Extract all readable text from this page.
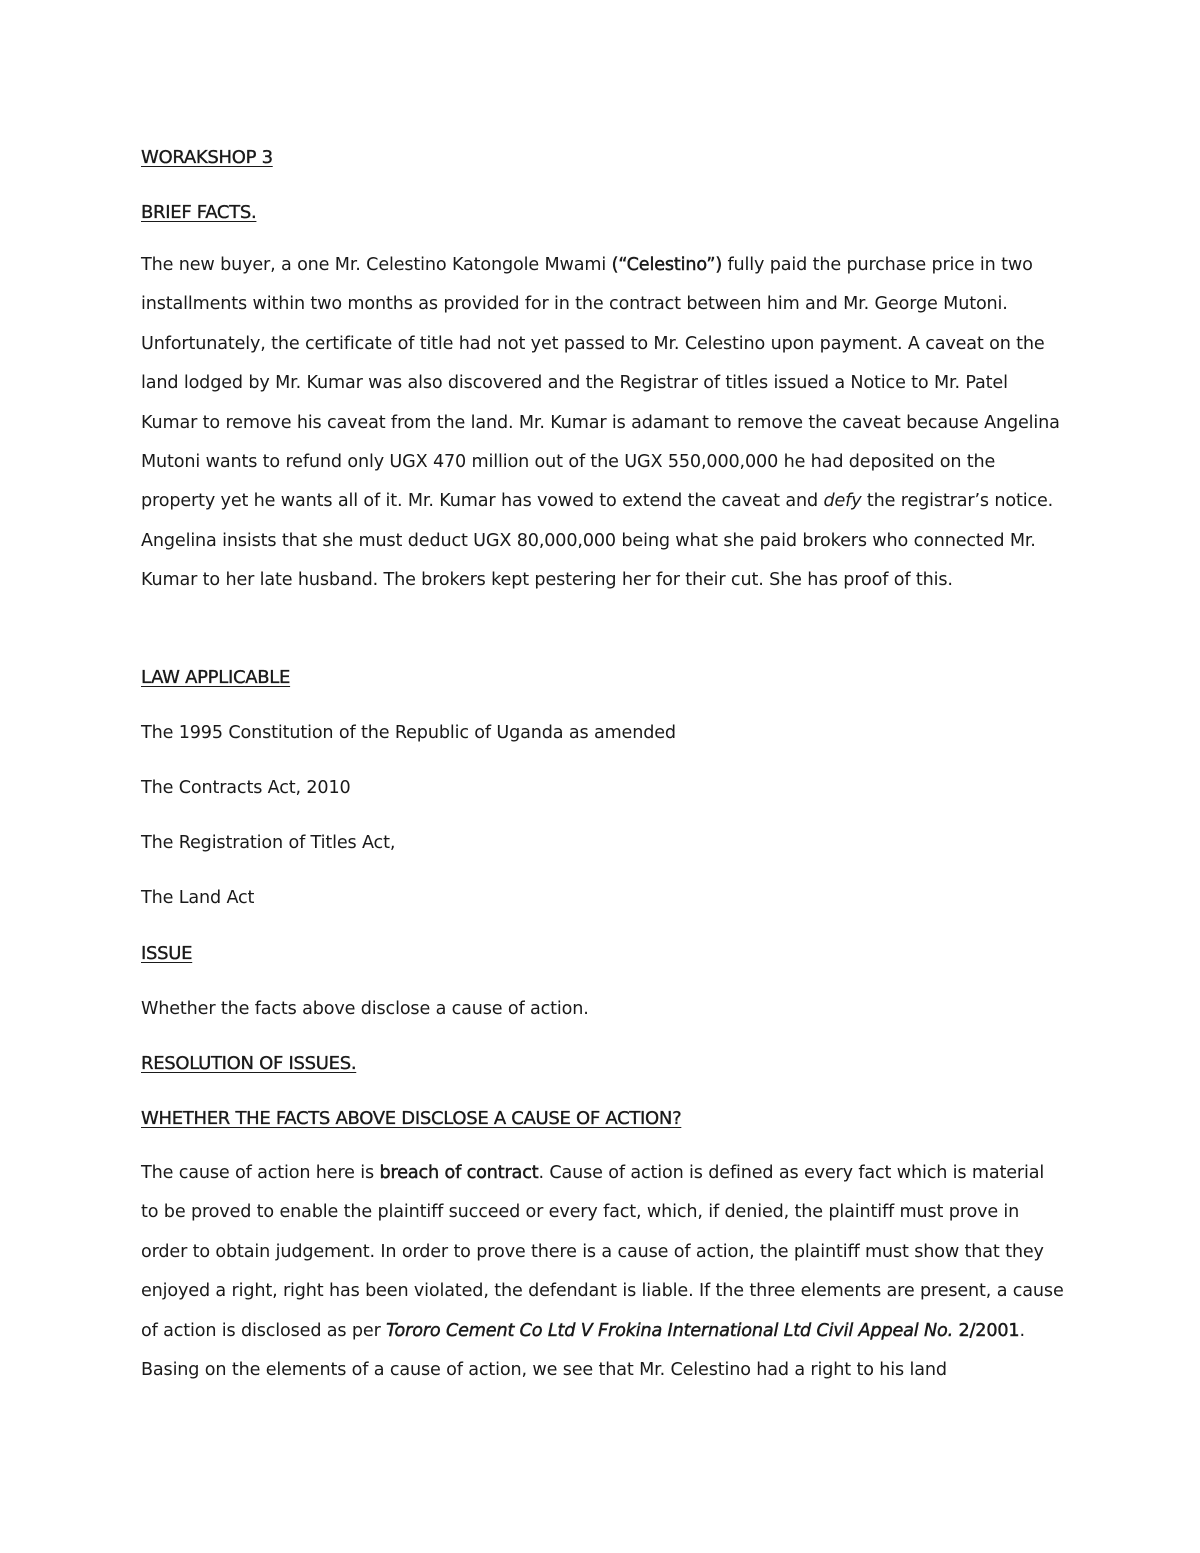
WORAKSHOP 3
BRIEF FACTS.

The new buyer, a one Mr. Celestino Katongole Mwami (“Celestino”) fully paid the purchase price in two installments within two months as provided for in the contract between him and Mr. George Mutoni. Unfortunately, the certificate of title had not yet passed to Mr. Celestino upon payment. A caveat on the land lodged by Mr. Kumar was also discovered and the Registrar of titles issued a Notice to Mr. Patel Kumar to remove his caveat from the land. Mr. Kumar is adamant to remove the caveat because Angelina Mutoni wants to refund only UGX 470 million out of the UGX 550,000,000 he had deposited on the property yet he wants all of it. Mr. Kumar has vowed to extend the caveat and defy the registrar’s notice. Angelina insists that she must deduct UGX 80,000,000 being what she paid brokers who connected Mr. Kumar to her late husband. The brokers kept pestering her for their cut. She has proof of this.

LAW APPLICABLE
The 1995 Constitution of the Republic of Uganda as amended
The Contracts Act, 2010
The Registration of Titles Act,
The Land Act
ISSUE
Whether the facts above disclose a cause of action.
RESOLUTION OF ISSUES.
WHETHER THE FACTS ABOVE DISCLOSE A CAUSE OF ACTION?

The cause of action here is breach of contract. Cause of action is defined as every fact which is material to be proved to enable the plaintiff succeed or every fact, which, if denied, the plaintiff must prove in order to obtain judgement. In order to prove there is a cause of action, the plaintiff must show that they enjoyed a right, right has been violated, the defendant is liable. If the three elements are present, a cause of action is disclosed as per Tororo Cement Co Ltd V Frokina International Ltd Civil Appeal No. 2/2001. Basing on the elements of a cause of action, we see that Mr. Celestino had a right to his land
